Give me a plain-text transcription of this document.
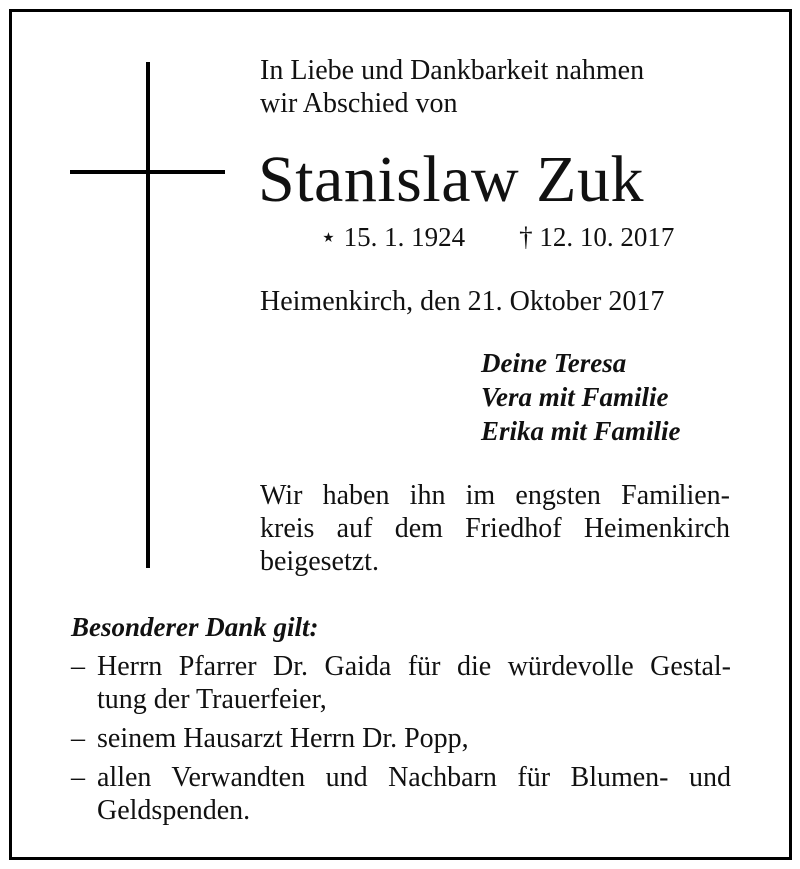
In Liebe und Dankbarkeit nahmen
wir Abschied von
Stanislaw Zuk
⋆ 15. 1. 1924 † 12. 10. 2017
Heimenkirch, den 21. Oktober 2017
Deine Teresa
Vera mit Familie
Erika mit Familie
Wir haben ihn im engsten Familien-
kreis auf dem Friedhof Heimenkirch
beigesetzt.
Besonderer Dank gilt:
– Herrn Pfarrer Dr. Gaida für die würdevolle Gestal-
tung der Trauerfeier,
– seinem Hausarzt Herrn Dr. Popp,
– allen Verwandten und Nachbarn für Blumen- und
Geldspenden.
